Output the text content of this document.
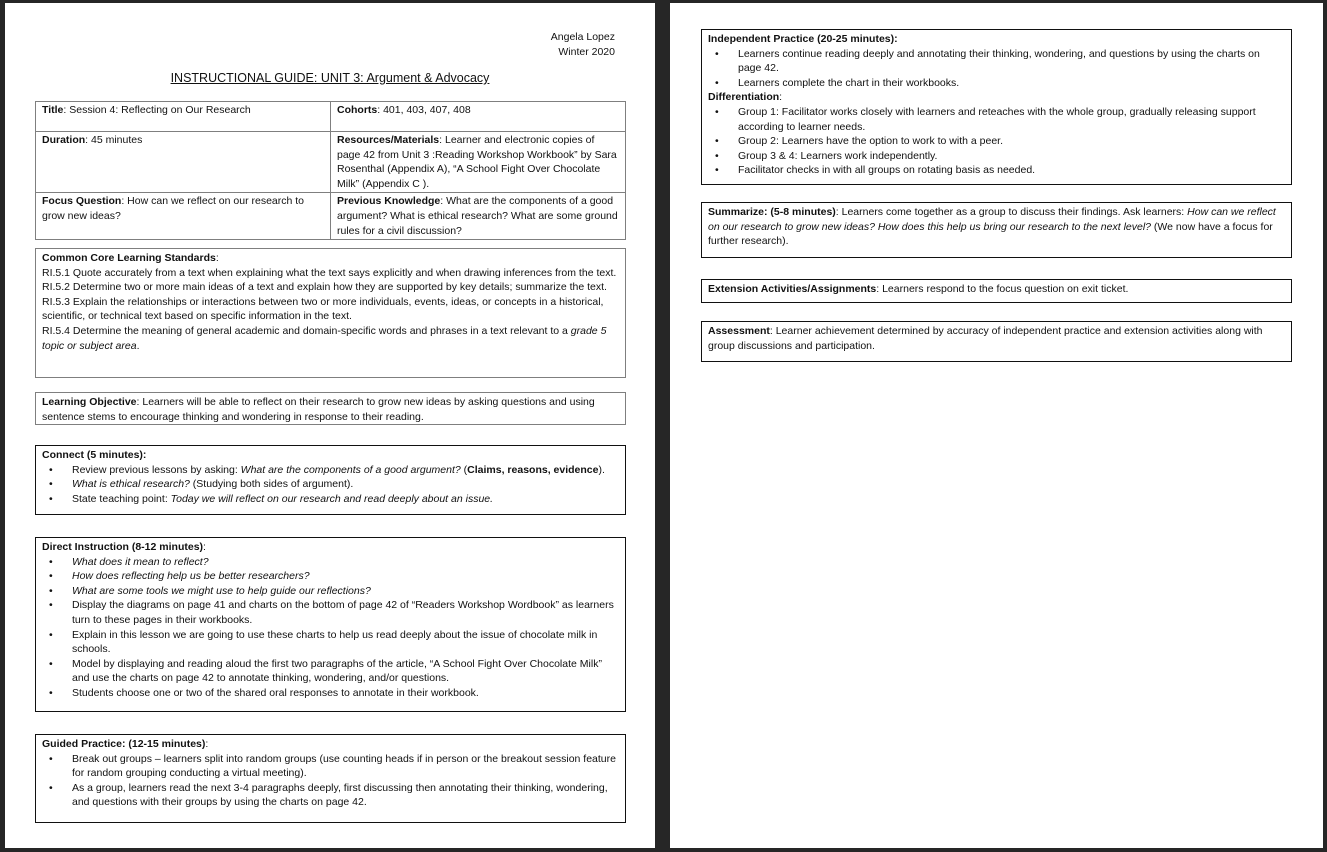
Angela Lopez
Winter 2020
INSTRUCTIONAL GUIDE: UNIT 3: Argument & Advocacy
Title: Session 4: Reflecting on Our Research	Cohorts: 401, 403, 407, 408
Duration: 45 minutes	Resources/Materials: Learner and electronic copies of page 42 from Unit 3 :Reading Workshop Workbook” by Sara Rosenthal (Appendix A), “A School Fight Over Chocolate Milk” (Appendix C ).
Focus Question: How can we reflect on our research to grow new ideas?	Previous Knowledge: What are the components of a good argument? What is ethical research? What are some ground rules for a civil discussion?
Common Core Learning Standards:
RI.5.1 Quote accurately from a text when explaining what the text says explicitly and when drawing inferences from the text.
RI.5.2 Determine two or more main ideas of a text and explain how they are supported by key details; summarize the text.
RI.5.3 Explain the relationships or interactions between two or more individuals, events, ideas, or concepts in a historical, scientific, or technical text based on specific information in the text.
RI.5.4 Determine the meaning of general academic and domain-specific words and phrases in a text relevant to a grade 5 topic or subject area.
Learning Objective: Learners will be able to reflect on their research to grow new ideas by asking questions and using sentence stems to encourage thinking and wondering in response to their reading.
Connect (5 minutes):
• Review previous lessons by asking: What are the components of a good argument? (Claims, reasons, evidence).
• What is ethical research? (Studying both sides of argument).
• State teaching point: Today we will reflect on our research and read deeply about an issue.
Direct Instruction (8-12 minutes):
• What does it mean to reflect?
• How does reflecting help us be better researchers?
• What are some tools we might use to help guide our reflections?
• Display the diagrams on page 41 and charts on the bottom of page 42 of “Readers Workshop Wordbook” as learners turn to these pages in their workbooks.
• Explain in this lesson we are going to use these charts to help us read deeply about the issue of chocolate milk in schools.
• Model by displaying and reading aloud the first two paragraphs of the article, “A School Fight Over Chocolate Milk” and use the charts on page 42 to annotate thinking, wondering, and/or questions.
• Students choose one or two of the shared oral responses to annotate in their workbook.
Guided Practice: (12-15 minutes):
• Break out groups – learners split into random groups (use counting heads if in person or the breakout session feature for random grouping conducting a virtual meeting).
• As a group, learners read the next 3-4 paragraphs deeply, first discussing then annotating their thinking, wondering, and questions with their groups by using the charts on page 42.
Independent Practice (20-25 minutes):
• Learners continue reading deeply and annotating their thinking, wondering, and questions by using the charts on page 42.
• Learners complete the chart in their workbooks.
Differentiation:
• Group 1: Facilitator works closely with learners and reteaches with the whole group, gradually releasing support according to learner needs.
• Group 2: Learners have the option to work to with a peer.
• Group 3 & 4: Learners work independently.
• Facilitator checks in with all groups on rotating basis as needed.
Summarize: (5-8 minutes): Learners come together as a group to discuss their findings. Ask learners: How can we reflect on our research to grow new ideas? How does this help us bring our research to the next level? (We now have a focus for further research).
Extension Activities/Assignments: Learners respond to the focus question on exit ticket.
Assessment: Learner achievement determined by accuracy of independent practice and extension activities along with group discussions and participation.
